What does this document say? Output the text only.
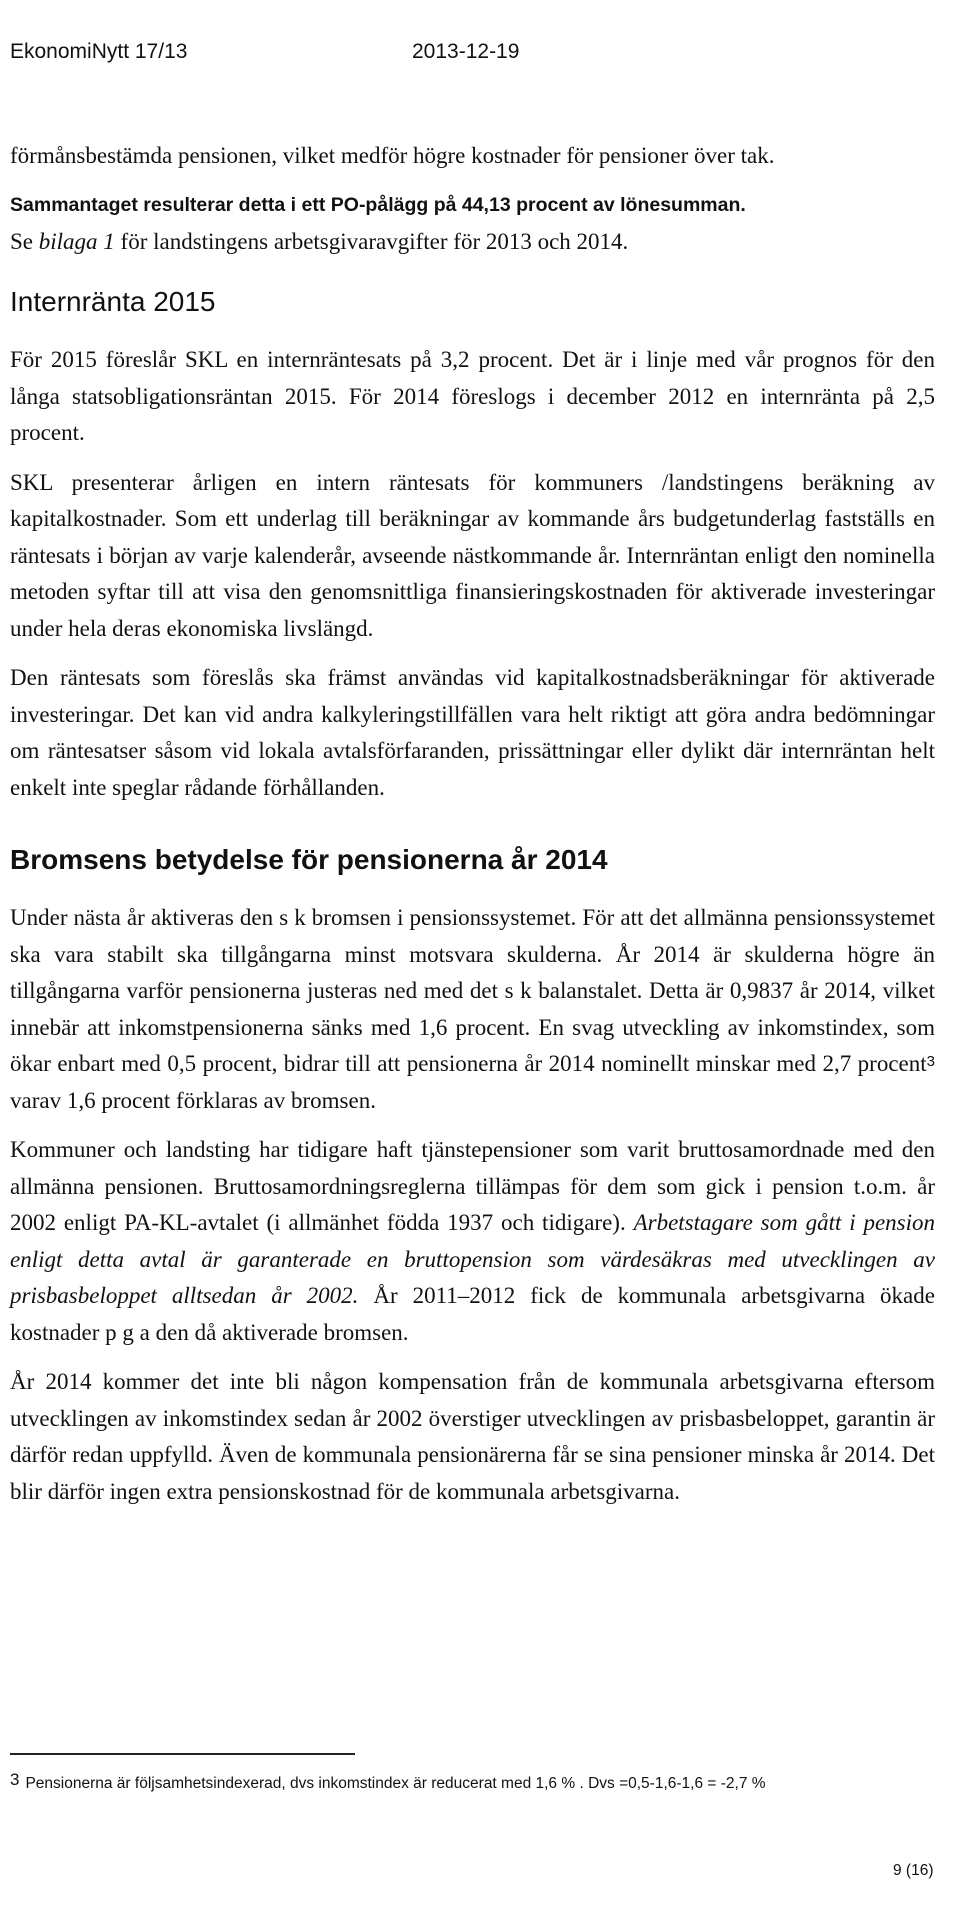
EkonomiNytt 17/13	2013-12-19

förmånsbestämda pensionen, vilket medför högre kostnader för pensioner över tak.

Sammantaget resulterar detta i ett PO-pålägg på 44,13 procent av lönesumman.

Se bilaga 1 för landstingens arbetsgivaravgifter för 2013 och 2014.

Internränta 2015

För 2015 föreslår SKL en internräntesats på 3,2 procent. Det är i linje med vår prognos för den långa statsobligationsräntan 2015. För 2014 föreslogs i december 2012 en internränta på 2,5 procent.

SKL presenterar årligen en intern räntesats för kommuners /landstingens beräkning av kapitalkostnader. Som ett underlag till beräkningar av kommande års budgetunderlag fastställs en räntesats i början av varje kalenderår, avseende nästkommande år. Internräntan enligt den nominella metoden syftar till att visa den genomsnittliga finansieringskostnaden för aktiverade investeringar under hela deras ekonomiska livslängd.

Den räntesats som föreslås ska främst användas vid kapitalkostnadsberäkningar för aktiverade investeringar. Det kan vid andra kalkyleringstillfällen vara helt riktigt att göra andra bedömningar om räntesatser såsom vid lokala avtalsförfaranden, prissättningar eller dylikt där internräntan helt enkelt inte speglar rådande förhållanden.

Bromsens betydelse för pensionerna år 2014

Under nästa år aktiveras den s k bromsen i pensionssystemet. För att det allmänna pensionssystemet ska vara stabilt ska tillgångarna minst motsvara skulderna. År 2014 är skulderna högre än tillgångarna varför pensionerna justeras ned med det s k balanstalet. Detta är 0,9837 år 2014, vilket innebär att inkomstpensionerna sänks med 1,6 procent. En svag utveckling av inkomstindex, som ökar enbart med 0,5 procent, bidrar till att pensionerna år 2014 nominellt minskar med 2,7 procent$^3$ varav 1,6 procent förklaras av bromsen.

Kommuner och landsting har tidigare haft tjänstepensioner som varit bruttosamordnade med den allmänna pensionen. Bruttosamordningsreglerna tillämpas för dem som gick i pension t.o.m. år 2002 enligt PA-KL-avtalet (i allmänhet födda 1937 och tidigare). Arbetstagare som gått i pension enligt detta avtal är garanterade en bruttopension som värdesäkras med utvecklingen av prisbasbeloppet alltsedan år 2002. År 2011–2012 fick de kommunala arbetsgivarna ökade kostnader p g a den då aktiverade bromsen.

År 2014 kommer det inte bli någon kompensation från de kommunala arbetsgivarna eftersom utvecklingen av inkomstindex sedan år 2002 överstiger utvecklingen av prisbasbeloppet, garantin är därför redan uppfylld. Även de kommunala pensionärerna får se sina pensioner minska år 2014. Det blir därför ingen extra pensionskostnad för de kommunala arbetsgivarna.

3 Pensionerna är följsamhetsindexerad, dvs inkomstindex är reducerat med 1,6 % . Dvs =0,5-1,6-1,6 = -2,7 %
9 (16)
